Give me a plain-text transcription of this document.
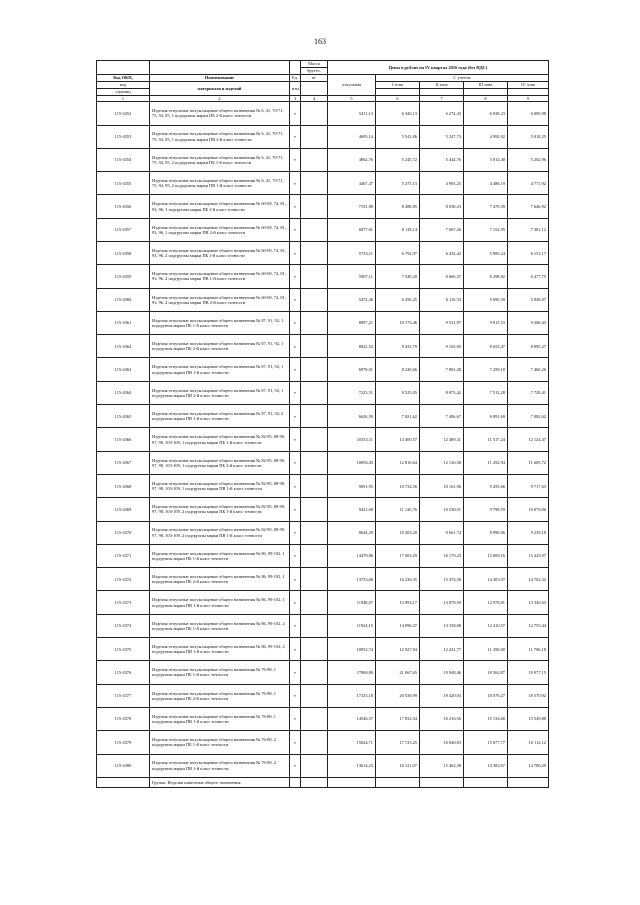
163
			Масса	Цены в рублях на IV квартал 2016 года (без НДС)				
			брутто,					
Код ОКП,	Наименование	Ед.	кг	отпускная	С учетом			
код	материалов и изделий	изм.			I зона	II зона	III зона	IV зона
страниц								
1	2	3	4	5	6	7	8	9
115-4352	Изделия отпускные полукольцевые общего назначения № 6, 41, 70-71, 75, 94, 95, 1 подгруппы марки ПБ 2-й класс точности	т		5411,13	6 320,13	6 274,43	6 038,23	6 090,98
115-4353	Изделия отпускные полукольцевые общего назначения № 6, 41, 70-71, 75, 94, 95, 1 подгруппы марки ПВ 2-й класс точности	т		4695,14	5 541,86	5 247,73	4 992,92	5 018,25
115-4354	Изделия отпускные полукольцевые общего назначения № 6, 41, 70-71, 75, 94, 95, 2 подгруппы марки ПБ 1-й класс точности	т		4862,76	5 245,72	5 444,76	5 012,40	5 202,96
115-4355	Изделия отпускные полукольцевые общего назначения № 6, 41, 70-71, 75, 94, 95, 2 подгруппы марки ПВ 1-й класс точности	т		4467,47	5 275,13	4 993,25	4 486,19	4 771,92
115-4356	Изделия отпускные полукольцевые общего назначения № 60-69, 74, 81, 93, 96, 1 подгруппы марки ПБ 2-й класс точности	т		7191,88	8 488,85	8 038,23	7 479,39	7 646,92
115-4357	Изделия отпускные полукольцевые общего назначения № 60-69, 74, 81, 93, 96, 1 подгруппы марки ПВ 2-й класс точности	т		6877,61	8 118,14	7 667,26	7 152,95	7 381,12
115-4358	Изделия отпускные полукольцевые общего назначения № 60-69, 74, 81, 93, 96, 2 подгруппы марки ПБ 1-й класс точности	т		5733,11	6 792,97	6 432,42	5 985,24	6 151,17
115-4359	Изделия отпускные полукольцевые общего назначения № 60-69, 74, 81, 93, 96, 2 подгруппы марки ПВ 1-й класс точности	т		5907,11	7 549,20	6 660,37	6 298,82	6 477,75
115-4360	Изделия отпускные полукольцевые общего назначения № 60-69, 74, 81, 93, 96, 2 подгруппы марки ПВ 2-й класс точности	т		5472,46	6 450,25	6 116,53	5 690,39	5 849,07
115-4361	Изделия отпускные полукольцевые общего назначения № 87, 91, 92, 1 подгруппы марки ПБ 1-й класс точности	т		8097,21	10 173,46	9 531,97	9 015,53	9 306,43
115-4362	Изделия отпускные полукольцевые общего назначения № 87, 91, 92, 1 подгруппы марки ПБ 2-й класс точности	т		8022,52	9 433,79	9 163,05	8 653,47	8 895,27
115-4363	Изделия отпускные полукольцевые общего назначения № 87, 91, 92, 1 подгруппы марки ПВ 1-й класс точности	т		6979,01	8 220,66	7 801,28	7 259,18	7 460,26
115-4364	Изделия отпускные полукольцевые общего назначения № 87, 91, 92, 1 подгруппы марки ПВ 2-й класс точности	т		7223,51	8 525,05	8 073,42	7 512,28	7 720,41
115-4365	Изделия отпускные полукольцевые общего назначения № 87, 91, 92, 2 подгруппы марки ПВ 1-й класс точности	т		6626,59	7 821,62	7 406,67	6 891,69	7 082,62
115-4366	Изделия отпускные полукольцевые общего назначения № 82-85, 88-90, 97, 98, 103-109, 1 подгруппы марки ПБ 1-й класс точности	т		10353,11	13 400,57	12 489,31	11 517,24	12 124,47
115-4367	Изделия отпускные полукольцевые общего назначения № 82-85, 88-90, 97, 98, 103-109, 1 подгруппы марки ПБ 2-й класс точности	т		10858,45	12 816,64	12 136,58	11 292,94	11 605,72
115-4368	Изделия отпускные полукольцевые общего назначения № 82-85, 88-90, 97, 98, 103-109, 1 подгруппы марки ПВ 1-й класс точности	т		9091,95	10 734,56	10 161,96	9 455,66	9 717,63
115-4369	Изделия отпускные полукольцевые общего назначения № 82-85, 88-90, 97, 98, 103-109, 2 подгруппы марки ПБ 1-й класс точности	т		9421,68	11 120,76	10 530,51	9 798,59	10 070,06
115-4370	Изделия отпускные полукольцевые общего назначения № 82-85, 88-90, 97, 98, 103-109, 2 подгруппы марки ПВ 1-й класс точности	т		8644,29	10 203,20	9 661,74	8 990,06	9 239,18
115-4371	Изделия отпускные полукольцевые общего назначения № 86, 99-102, 1 подгруппы марки ПБ 1-й класс точности	т		14479,86	17 003,29	16 179,23	15 008,16	15 423,97
115-4372	Изделия отпускные полукольцевые общего назначения № 86, 99-102, 1 подгруппы марки ПБ 2-й класс точности	т		13753,68	16 236,35	15 374,58	14 303,97	14 702,32
115-4373	Изделия отпускные полукольцевые общего назначения № 86, 99-102, 1 подгруппы марки ПВ 1-й класс точности	т		11948,07	13 893,17	13 878,59	12 978,81	13 340,63
115-4374	Изделия отпускные полукольцевые общего назначения № 86, 99-102, 2 подгруппы марки ПБ 1-й класс точности	т		11924,15	14 096,37	13 338,68	12 410,57	12 755,44
115-4375	Изделия отпускные полукольцевые общего назначения № 86, 99-102, 2 подгруппы марки ПВ 1-й класс точности	т		10952,74	12 927,94	12 241,77	11 390,00	11 706,18
115-4376	Изделия отпускные полукольцевые общего назначения № 76-80, 1 подгруппы марки ПБ 1-й класс точности	т		17868,80	21 067,65	19 948,46	18 562,87	19 077,15
115-4377	Изделия отпускные полукольцевые общего назначения № 76-80, 1 подгруппы марки ПБ 2-й класс точности	т		17335,18	20 538,99	19 420,03	18 076,27	18 570,92
115-4378	Изделия отпускные полукольцевые общего назначения № 76-80, 1 подгруппы марки ПВ 1-й класс точности	т		14546,57	17 832,34	16 216,56	15 134,68	15 549,88
115-4379	Изделия отпускные полукольцевые общего назначения № 76-80, 2 подгруппы марки ПБ 1-й класс точности	т		15024,71	17 723,25	16 840,83	15 677,77	16 112,12
115-4380	Изделия отпускные полукольцевые общего назначения № 76-80, 2 подгруппы марки ПВ 1-й класс точности	т		13614,23	16 121,07	15 462,38	14 382,67	14 786,29
	Группа: Изделия шамотные общего назначения							
